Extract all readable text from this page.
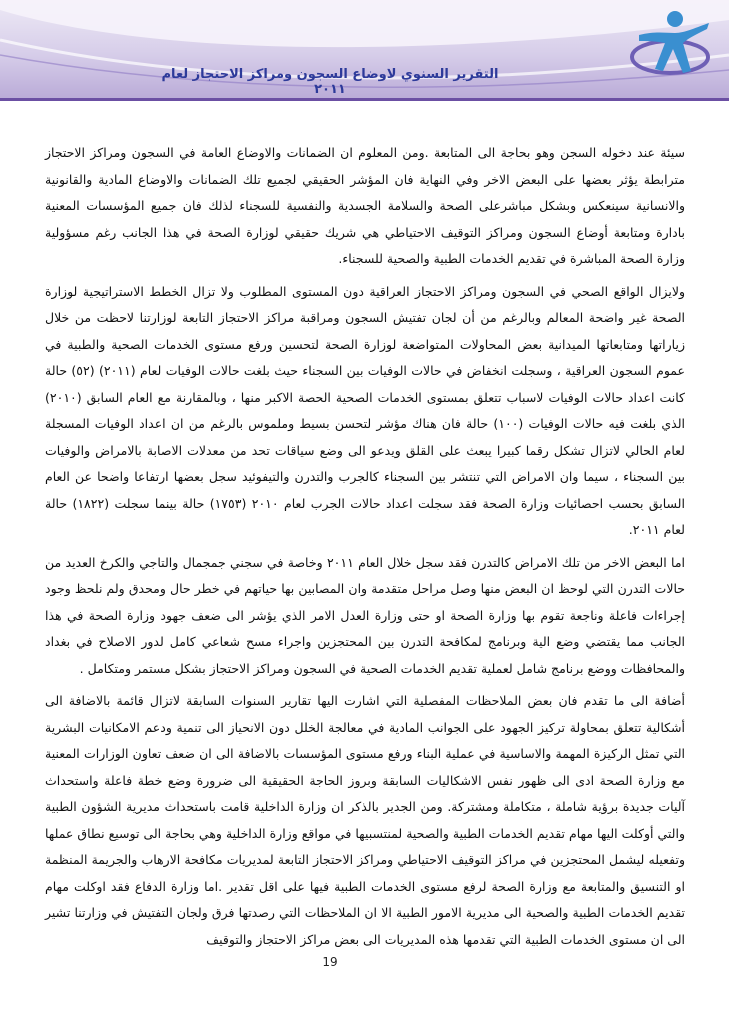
التقرير السنوي لاوضاع السجون ومراكز الاحتجاز لعام ٢٠١١

سيئة عند دخوله السجن وهو بحاجة الى المتابعة .ومن المعلوم ان الضمانات والاوضاع العامة في السجون ومراكز الاحتجاز مترابطة يؤثر بعضها على البعض الاخر وفي النهاية فان المؤشر الحقيقي لجميع تلك الضمانات والاوضاع المادية والقانونية والانسانية سينعكس وبشكل مباشرعلى الصحة والسلامة الجسدية والنفسية للسجناء لذلك فان جميع المؤسسات المعنية بادارة ومتابعة أوضاع السجون ومراكز التوقيف الاحتياطي هي شريك حقيقي لوزارة الصحة في هذا الجانب رغم مسؤولية وزارة الصحة المباشرة في تقديم الخدمات الطبية والصحية للسجناء.

ولايزال الواقع الصحي في السجون ومراكز الاحتجاز العراقية دون المستوى المطلوب ولا تزال الخطط الاستراتيجية لوزارة الصحة غير واضحة المعالم وبالرغم من أن لجان تفتيش السجون ومراقبة مراكز الاحتجاز التابعة لوزارتنا لاحظت من خلال زياراتها ومتابعاتها الميدانية بعض المحاولات المتواضعة لوزارة الصحة لتحسين ورفع مستوى الخدمات الصحية والطبية في عموم السجون العراقية ، وسجلت انخفاض في حالات الوفيات بين السجناء حيث بلغت حالات الوفيات لعام (٢٠١١) (٥٢) حالة كانت اعداد حالات الوفيات لاسباب تتعلق بمستوى الخدمات الصحية الحصة الاكبر منها ، وبالمقارنة مع العام السابق (٢٠١٠) الذي بلغت فيه حالات الوفيات (١٠٠) حالة فان هناك مؤشر لتحسن بسيط وملموس بالرغم من ان اعداد الوفيات المسجلة لعام الحالي لاتزال تشكل رقما كبيرا يبعث على القلق ويدعو الى وضع سياقات تحد من معدلات الاصابة بالامراض والوفيات بين السجناء ، سيما وان الامراض التي تنتشر بين السجناء كالجرب والتدرن والتيفوئيد سجل بعضها ارتفاعا واضحا عن العام السابق بحسب احصائيات وزارة الصحة فقد سجلت اعداد حالات الجرب لعام ٢٠١٠ (١٧٥٣) حالة بينما سجلت (١٨٢٢) حالة لعام ٢٠١١.

اما البعض الاخر من تلك الامراض كالتدرن فقد سجل خلال العام ٢٠١١ وخاصة في سجني جمجمال والتاجي والكرخ العديد من حالات التدرن التي لوحظ ان البعض منها وصل مراحل متقدمة وان المصابين بها حياتهم في خطر حال ومحدق ولم نلحظ وجود إجراءات فاعلة وناجعة تقوم بها وزارة الصحة او حتى وزارة العدل الامر الذي يؤشر الى ضعف جهود وزارة الصحة في هذا الجانب مما يقتضي وضع الية وبرنامج لمكافحة التدرن بين المحتجزين واجراء مسح شعاعي كامل لدور الاصلاح في بغداد والمحافظات ووضع برنامج شامل لعملية تقديم الخدمات الصحية في السجون ومراكز الاحتجاز بشكل مستمر ومتكامل .

أضافة الى ما تقدم فان بعض الملاحظات المفصلية التي اشارت اليها تقارير السنوات السابقة لاتزال قائمة بالاضافة الى أشكالية تتعلق بمحاولة تركيز الجهود على الجوانب المادية في معالجة الخلل دون الانحياز الى تنمية ودعم الامكانيات البشرية التي تمثل الركيزة المهمة والاساسية في عملية البناء ورفع مستوى المؤسسات بالاضافة الى ان ضعف تعاون الوزارات المعنية مع وزارة الصحة ادى الى ظهور نفس الاشكاليات السابقة وبروز الحاجة الحقيقية الى ضرورة وضع خطة فاعلة واستحداث آليات جديدة برؤية شاملة ، متكاملة ومشتركة. ومن الجدير بالذكر ان وزارة الداخلية قامت باستحداث مديرية الشؤون الطبية والتي أوكلت اليها مهام تقديم الخدمات الطبية والصحية لمنتسبيها في مواقع وزارة الداخلية وهي بحاجة الى توسيع نطاق عملها وتفعيله ليشمل المحتجزين في مراكز التوقيف الاحتياطي ومراكز الاحتجاز التابعة لمديريات مكافحة الارهاب والجريمة المنظمة او التنسيق والمتابعة مع وزارة الصحة لرفع مستوى الخدمات الطبية فيها على اقل تقدير .اما وزارة الدفاع فقد اوكلت مهام تقديم الخدمات الطبية والصحية الى مديرية الامور الطبية الا ان الملاحظات التي رصدتها فرق ولجان التفتيش في وزارتنا تشير الى ان مستوى الخدمات الطبية التي تقدمها هذه المديريات الى بعض مراكز الاحتجاز والتوقيف

19
